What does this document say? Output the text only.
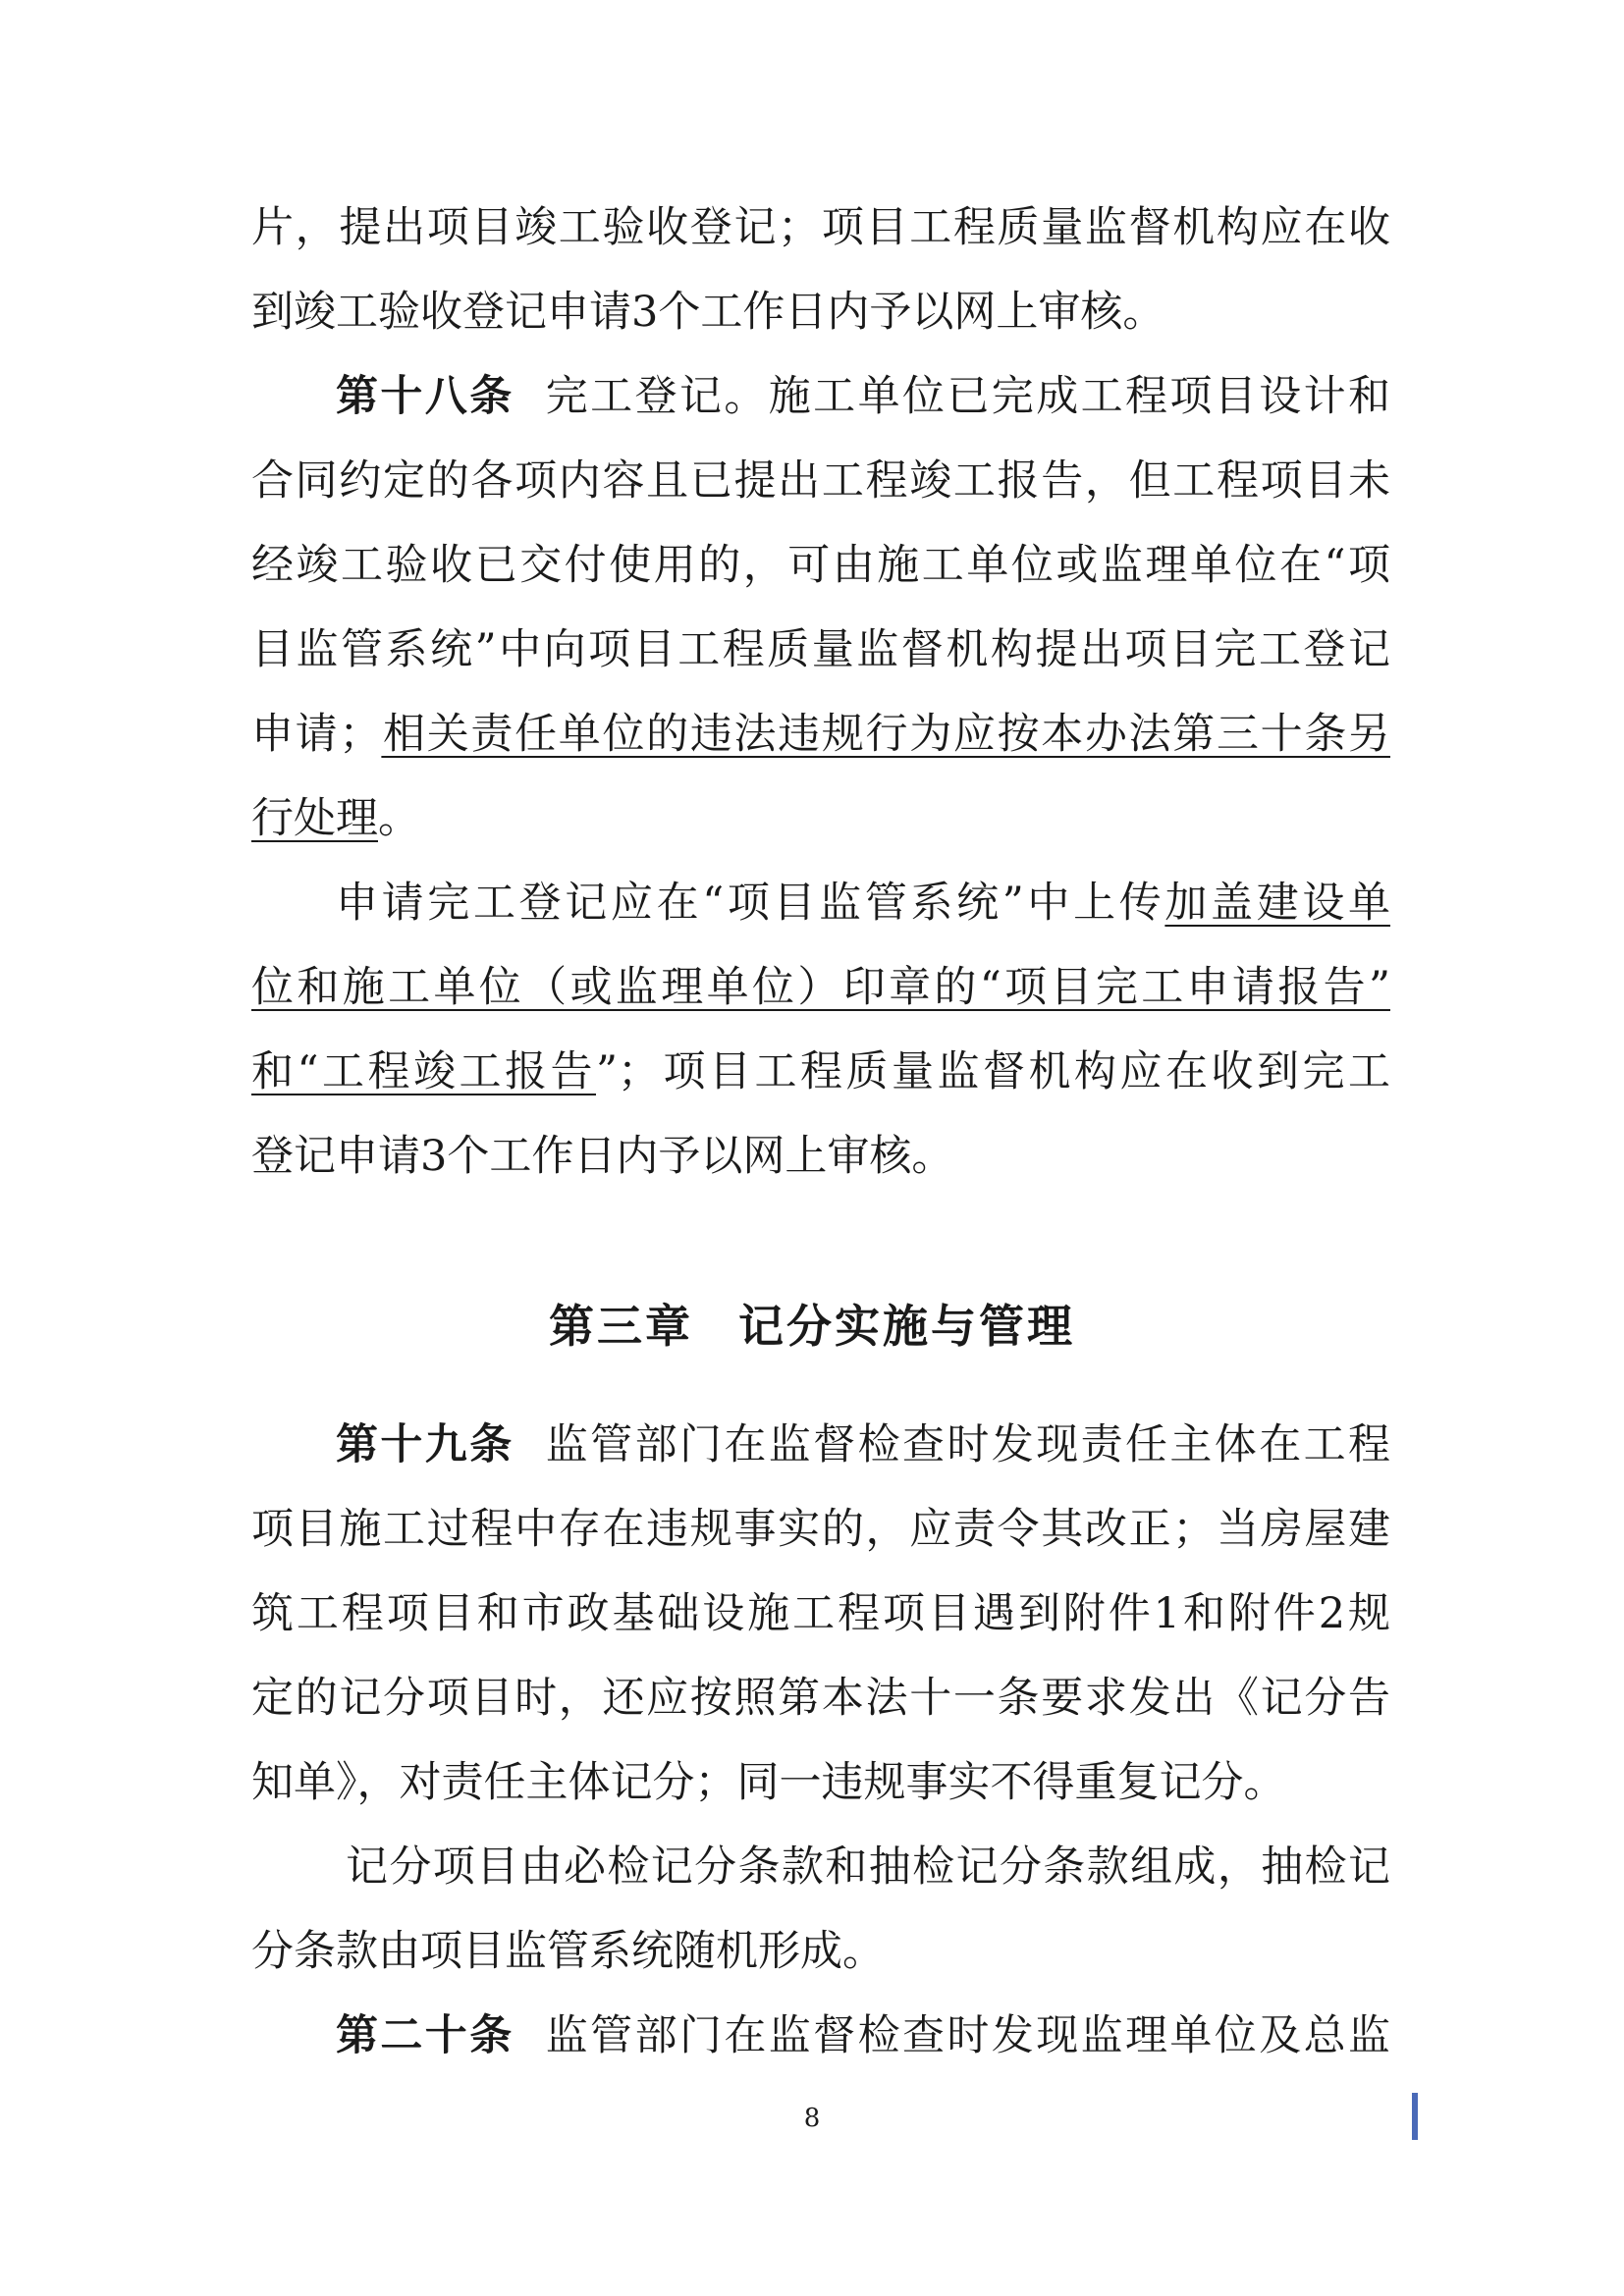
片，提出项目竣工验收登记；项目工程质量监督机构应在收
到竣工验收登记申请3个工作日内予以网上审核。
第十八条 完工登记。施工单位已完成工程项目设计和
合同约定的各项内容且已提出工程竣工报告，但工程项目未
经竣工验收已交付使用的，可由施工单位或监理单位在“项
目监管系统”中向项目工程质量监督机构提出项目完工登记
申请；相关责任单位的违法违规行为应按本办法第三十条另
行处理。
申请完工登记应在“项目监管系统”中上传加盖建设单
位和施工单位（或监理单位）印章的“项目完工申请报告”
和“工程竣工报告”；项目工程质量监督机构应在收到完工
登记申请3个工作日内予以网上审核。
第三章 记分实施与管理
第十九条 监管部门在监督检查时发现责任主体在工程
项目施工过程中存在违规事实的，应责令其改正；当房屋建
筑工程项目和市政基础设施工程项目遇到附件1和附件2规
定的记分项目时，还应按照第本法十一条要求发出《记分告
知单》，对责任主体记分；同一违规事实不得重复记分。
记分项目由必检记分条款和抽检记分条款组成，抽检记
分条款由项目监管系统随机形成。
第二十条 监管部门在监督检查时发现监理单位及总监
8
